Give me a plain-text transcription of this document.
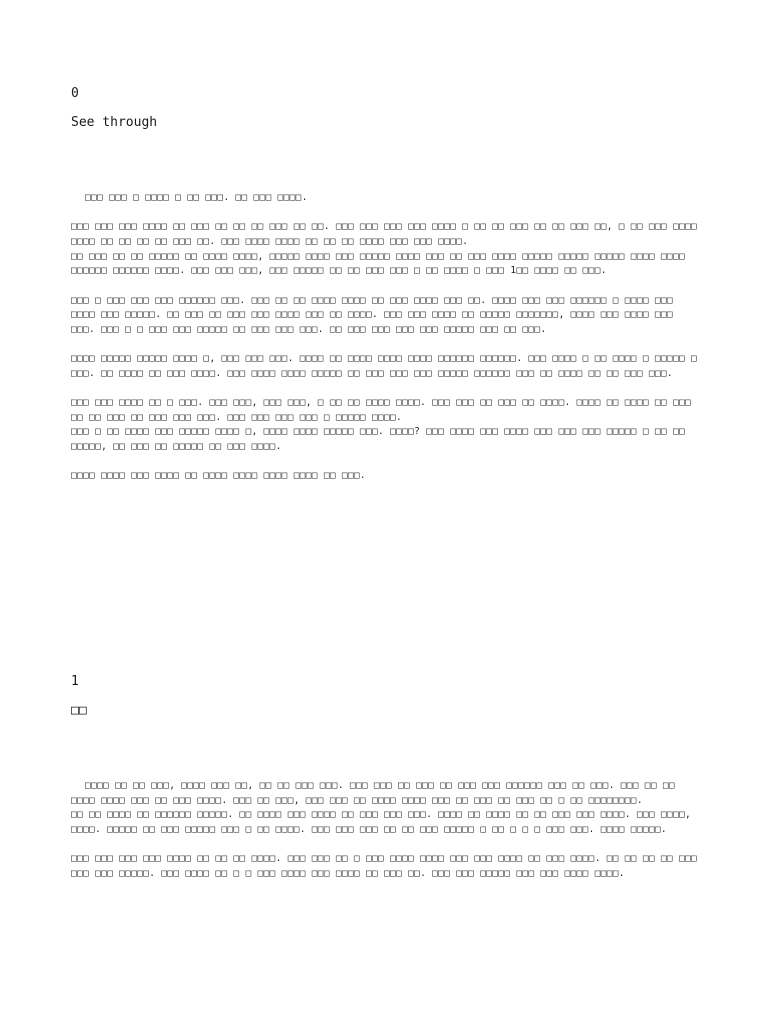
0
See through

□□□ □□□ □ □□□□ □ □□ □□□. □□ □□□ □□□□.

□□□ □□□ □□□ □□□□ □□ □□□ □□ □□ □□ □□□ □□ □□. □□□ □□□ □□□ □□□ □□□□ □ □□ □□ □□□ □□ □□ □□□ □□, □ □□ □□□ □□□□ □□□□ □□ □□ □□ □□ □□□ □□. □□□ □□□□ □□□□ □□ □□ □□ □□□□ □□□ □□□ □□□□.
□□ □□□ □□ □□ □□□□□ □□ □□□□ □□□□, □□□□□ □□□□ □□□ □□□□□ □□□□ □□□ □□ □□□ □□□□ □□□□□ □□□□□ □□□□□ □□□□ □□□□ □□□□□□ □□□□□□ □□□□. □□□ □□□ □□□, □□□ □□□□□ □□ □□ □□□ □□□ □ □□ □□□□ □ □□□ 1□□ □□□□ □□ □□□.

□□□ □ □□□ □□□ □□□ □□□□□□ □□□. □□□ □□ □□ □□□□ □□□□ □□ □□□ □□□□ □□□ □□. □□□□ □□□ □□□ □□□□□□ □ □□□□ □□□ □□□□ □□□ □□□□□. □□ □□□ □□ □□□ □□□ □□□□ □□□ □□ □□□□. □□□ □□□ □□□□ □□ □□□□□ □□□□□□□, □□□□ □□□ □□□□ □□□ □□□. □□□ □ □ □□□ □□□ □□□□□ □□ □□□ □□□ □□□. □□ □□□ □□□ □□□ □□□ □□□□□ □□□ □□ □□□.

□□□□ □□□□□ □□□□□ □□□□ □, □□□ □□□ □□□. □□□□ □□ □□□□ □□□□ □□□□ □□□□□□ □□□□□□. □□□ □□□□ □ □□ □□□□ □ □□□□□ □ □□□. □□ □□□□ □□ □□□ □□□□. □□□ □□□□ □□□□ □□□□□ □□ □□□ □□□ □□□ □□□□□ □□□□□□ □□□ □□ □□□□ □□ □□ □□□ □□□.

□□□ □□□ □□□□ □□ □ □□□. □□□ □□□, □□□ □□□, □ □□ □□ □□□□ □□□□. □□□ □□□ □□ □□□ □□ □□□□. □□□□ □□ □□□□ □□ □□□ □□ □□ □□□ □□ □□□ □□□ □□□. □□□ □□□ □□□ □□□ □ □□□□□ □□□□.
□□□ □ □□ □□□□ □□□ □□□□□ □□□□ □, □□□□ □□□□ □□□□□ □□□. □□□□? □□□ □□□□ □□□ □□□□ □□□ □□□ □□□ □□□□□ □ □□ □□ □□□□□, □□ □□□ □□ □□□□□ □□ □□□ □□□□.

□□□□ □□□□ □□□ □□□□ □□ □□□□ □□□□ □□□□ □□□□ □□ □□□.

1
□□

□□□□ □□ □□ □□□, □□□□ □□□ □□, □□ □□ □□□ □□□. □□□ □□□ □□ □□□ □□ □□□ □□□ □□□□□□ □□□ □□ □□□. □□□ □□ □□ □□□□ □□□□ □□□ □□ □□□ □□□□. □□□ □□ □□□, □□□ □□□ □□ □□□□ □□□□ □□□ □□ □□□ □□ □□□ □□ □ □□ □□□□□□□□.
□□ □□ □□□□ □□ □□□□□□ □□□□□. □□ □□□□ □□□ □□□□ □□ □□□ □□□ □□□. □□□□ □□ □□□□ □□ □□ □□□ □□□ □□□□. □□□ □□□□, □□□□. □□□□□ □□ □□□ □□□□□ □□□ □ □□ □□□□. □□□ □□□ □□□ □□ □□ □□□ □□□□□ □ □□ □ □ □ □□□ □□□. □□□□ □□□□□.

□□□ □□□ □□□ □□□ □□□□ □□ □□ □□ □□□□. □□□ □□□ □□ □ □□□ □□□□ □□□□ □□□ □□□ □□□□ □□ □□□ □□□□. □□ □□ □□ □□ □□□ □□□ □□□ □□□□□. □□□ □□□□ □□ □ □ □□□ □□□□ □□□ □□□□ □□ □□□ □□. □□□ □□□ □□□□□ □□□ □□□ □□□□ □□□□.
